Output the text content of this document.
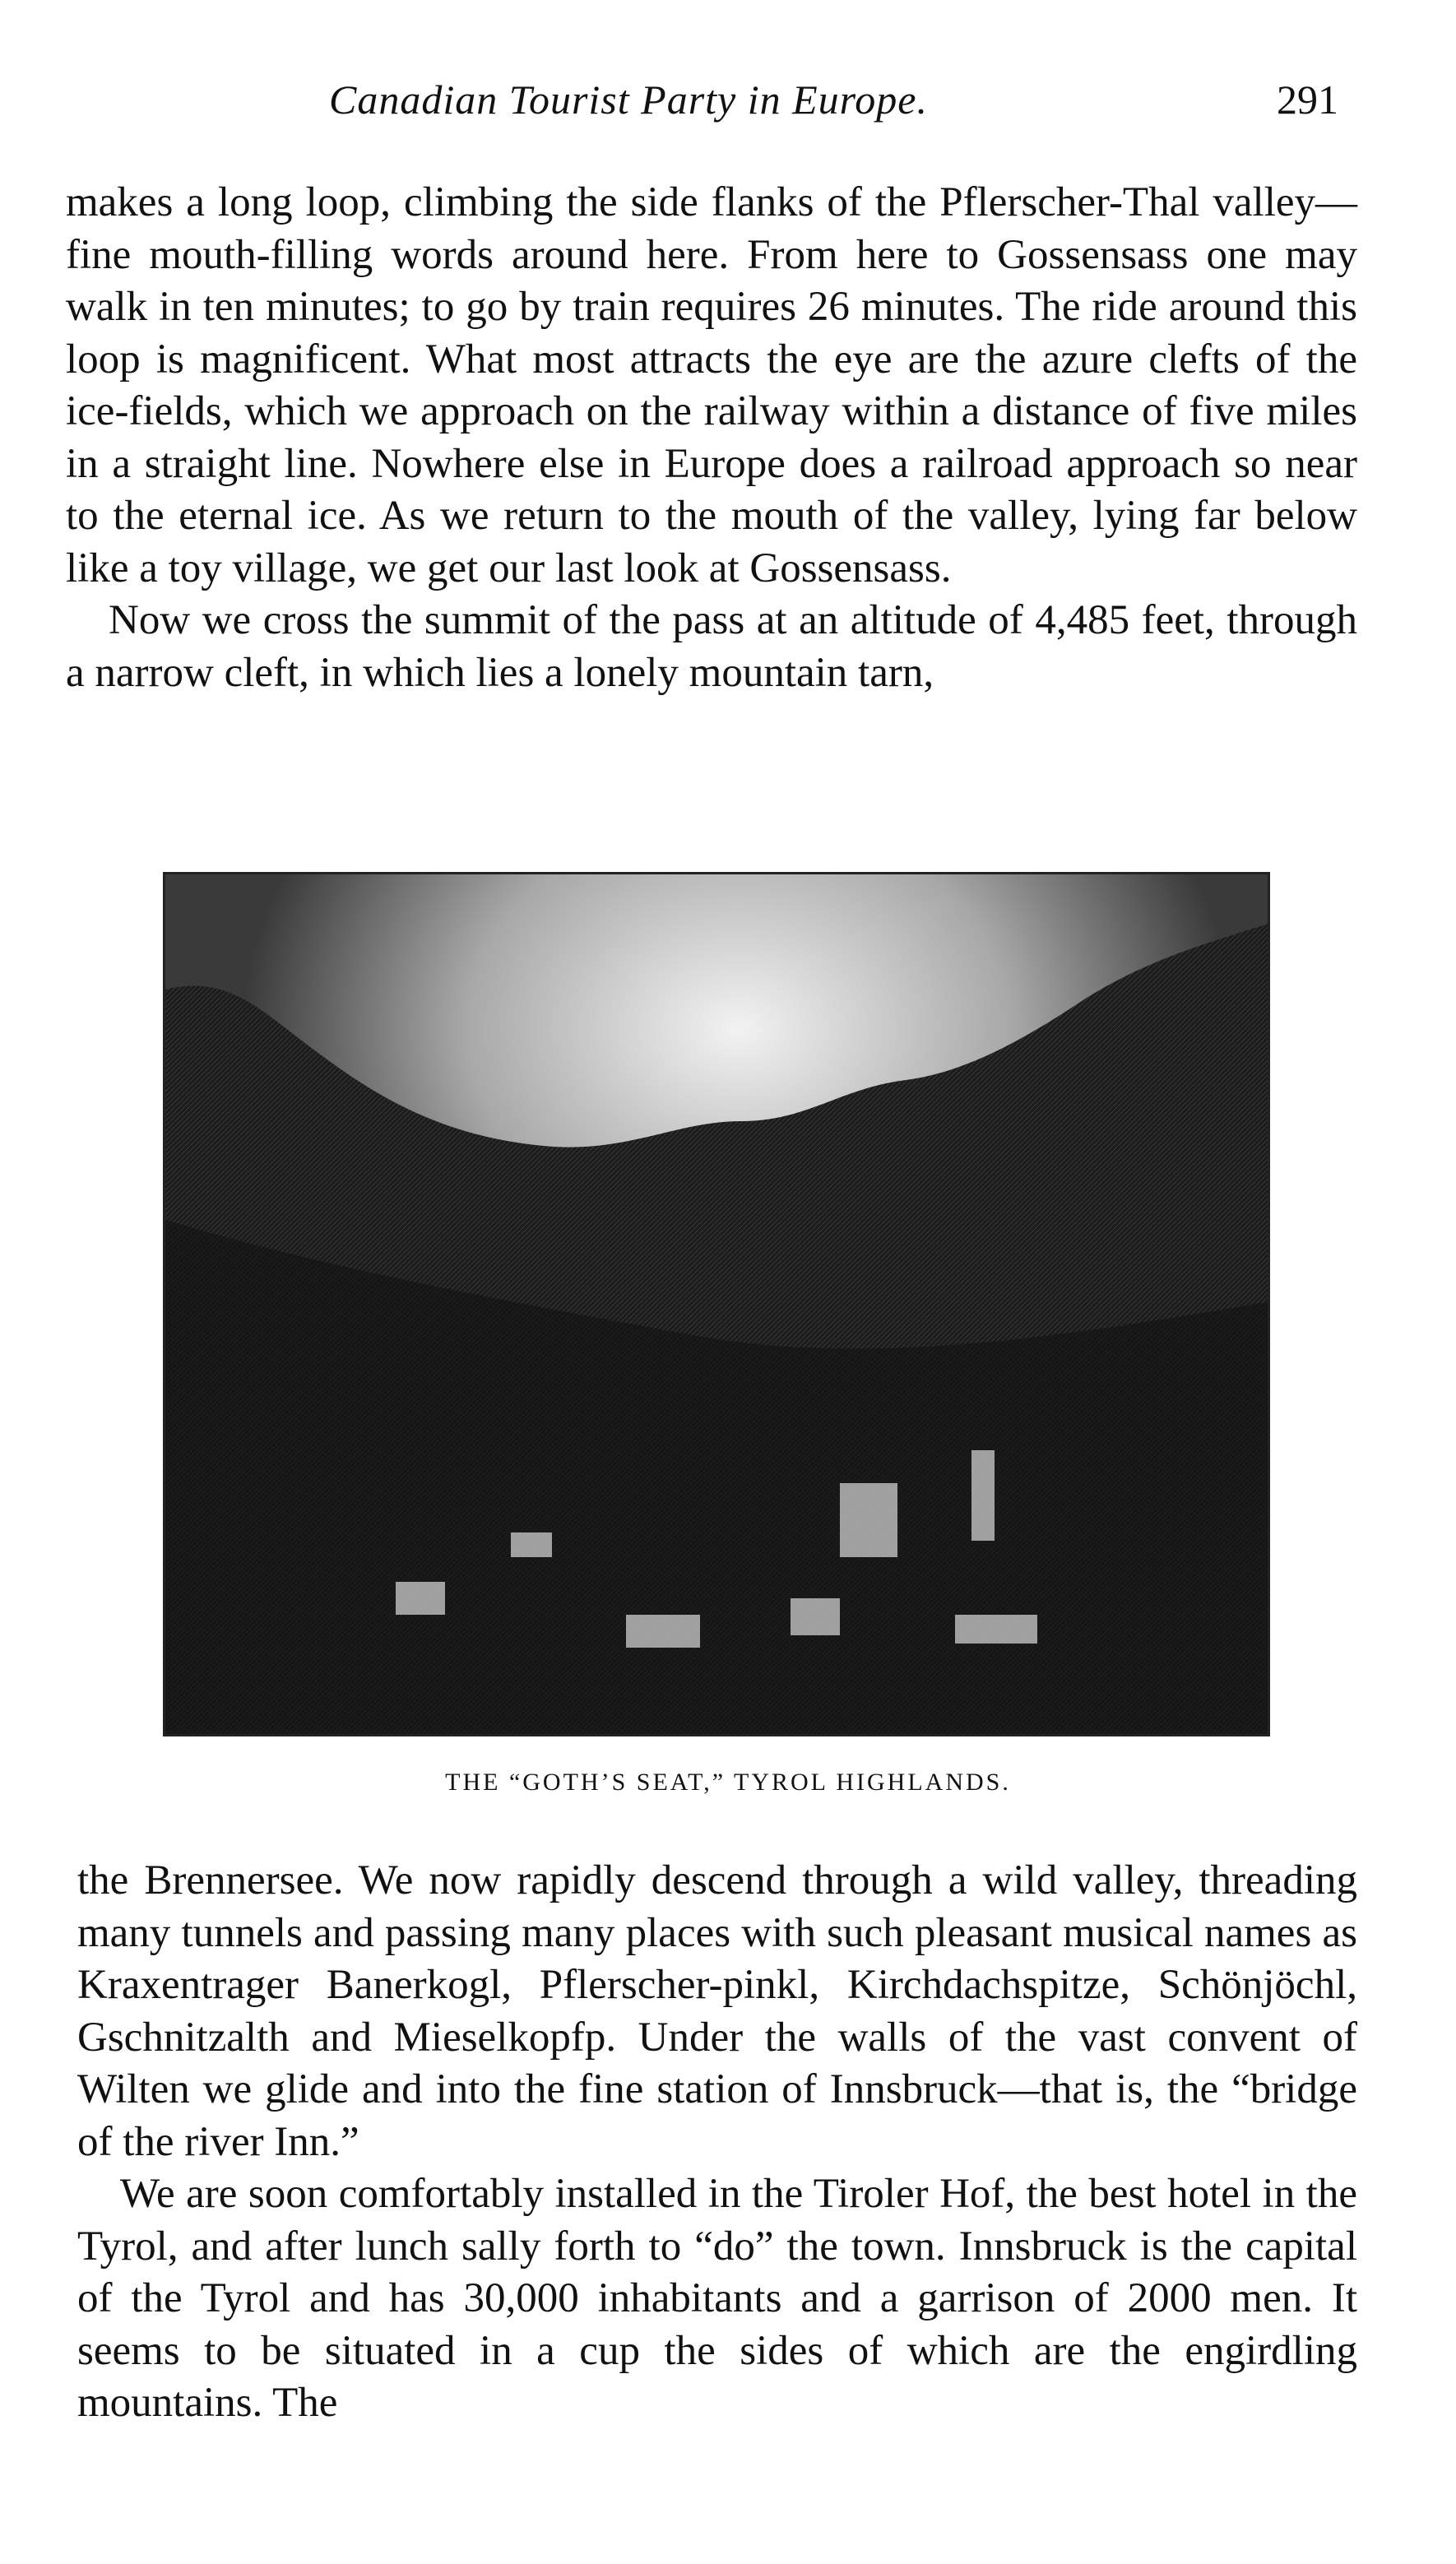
Canadian Tourist Party in Europe.	291

makes a long loop, climbing the side flanks of the Pflerscher-Thal valley—fine mouth-filling words around here. From here to Gossensass one may walk in ten minutes; to go by train requires 26 minutes. The ride around this loop is magnificent. What most attracts the eye are the azure clefts of the ice-fields, which we approach on the railway within a distance of five miles in a straight line. Nowhere else in Europe does a railroad approach so near to the eternal ice. As we return to the mouth of the valley, lying far below like a toy village, we get our last look at Gossensass.

Now we cross the summit of the pass at an altitude of 4,485 feet, through a narrow cleft, in which lies a lonely mountain tarn,

THE “GOTH’S SEAT,” TYROL HIGHLANDS.

the Brennersee. We now rapidly descend through a wild valley, threading many tunnels and passing many places with such pleasant musical names as Kraxentrager Banerkogl, Pflerscher-pinkl, Kirchdachspitze, Schönjöchl, Gschnitzalth and Mieselkopfp. Under the walls of the vast convent of Wilten we glide and into the fine station of Innsbruck—that is, the “bridge of the river Inn.”

We are soon comfortably installed in the Tiroler Hof, the best hotel in the Tyrol, and after lunch sally forth to “do” the town. Innsbruck is the capital of the Tyrol and has 30,000 inhabitants and a garrison of 2000 men. It seems to be situated in a cup the sides of which are the engirdling mountains. The
